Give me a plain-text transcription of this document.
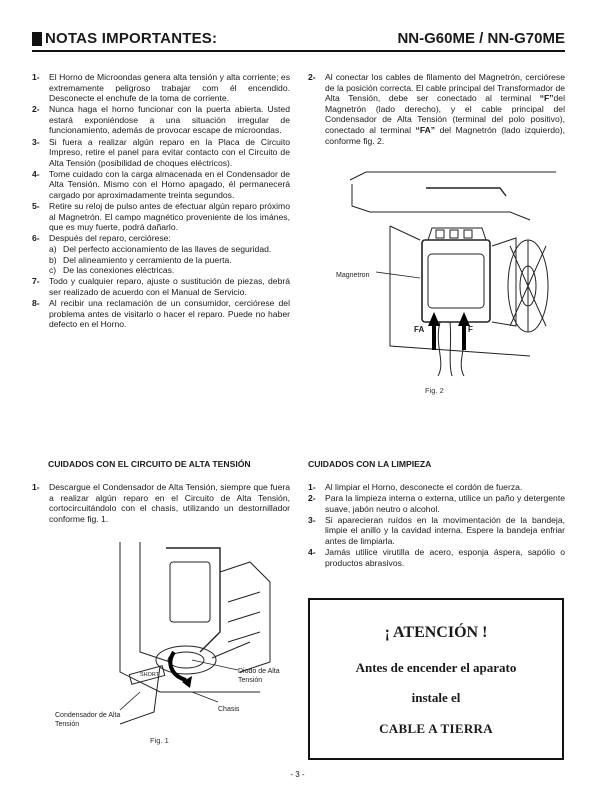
NOTAS IMPORTANTES:	NN-G60ME / NN-G70ME
1- El Horno de Microondas genera alta tensión y alta corriente; es extremamente peligroso trabajar com él encendido. Desconecte el enchufe de la toma de corriente.
2- Nunca haga el horno funcionar con la puerta abierta. Usted estará exponiéndose a una situación irregular de funcionamiento, además de provocar escape de microondas.
3- Si fuera a realizar algún reparo en la Placa de Circuito Impreso, retire el panel para evitar contacto con el Circuito de Alta Tensión (posibilidad de choques eléctricos).
4- Tome cuidado con la carga almacenada en el Condensador de Alta Tensión. Mismo con el Horno apagado, él permanecerá cargado por aproximadamente treinta segundos.
5- Retire su reloj de pulso antes de efectuar algún reparo próximo al Magnetrón. El campo magnético proveniente de los imánes, que es muy fuerte, podrá dañarlo.
6- Después del reparo, cerciórese:
a) Del perfecto accionamiento de las llaves de seguridad.
b) Del alineamiento y cerramiento de la puerta.
c) De las conexiones eléctricas.
7- Todo y cualquier reparo, ajuste o sustitución de piezas, debrá ser realizado de acuerdo con el Manual de Servicio.
8- Al recibir una reclamación de un consumidor, cerciórese del problema antes de visitarlo o hacer el reparo. Puede no haber defecto en el Horno.
2- Al conectar los cables de filamento del Magnetrón, cerciórese de la posición correcta. El cable principal del Transformador de Alta Tensión, debe ser conectado al terminal “F”del Magnetrón (lado derecho), y el cable principal del Condensador de Alta Tensión (terminal del polo positivo), conectado al terminal “FA” del Magnetrón (lado izquierdo), conforme fig. 2.
Magnetron
FA	F
Fig. 2
CUIDADOS CON EL CIRCUITO DE ALTA TENSIÓN
1- Descargue el Condensador de Alta Tensión, siempre que fuera a realizar algún reparo en el Circuito de Alta Tensión, cortocircuitándolo con el chasis, utilizando un destornillador conforme fig. 1.
SHORT	Diodo de Alta Tensión
Chasis
Condensador de Alta Tensión
Fig. 1
CUIDADOS CON LA LIMPIEZA
1- Al limpiar el Horno, desconecte el cordón de fuerza.
2- Para la limpieza interna o externa, utilice un paño y detergente suave, jabón neutro o alcohol.
3- Si aparecieran ruídos en la movimentación de la bandeja, limpie el anillo y la cavidad interna. Espere la bandeja enfriar antes de limpiarla.
4- Jamás utilice virutilla de acero, esponja áspera, sapólio o productos abrasivos.
¡ ATENCIÓN !
Antes de encender el aparato
instale el
CABLE A TIERRA
- 3 -
